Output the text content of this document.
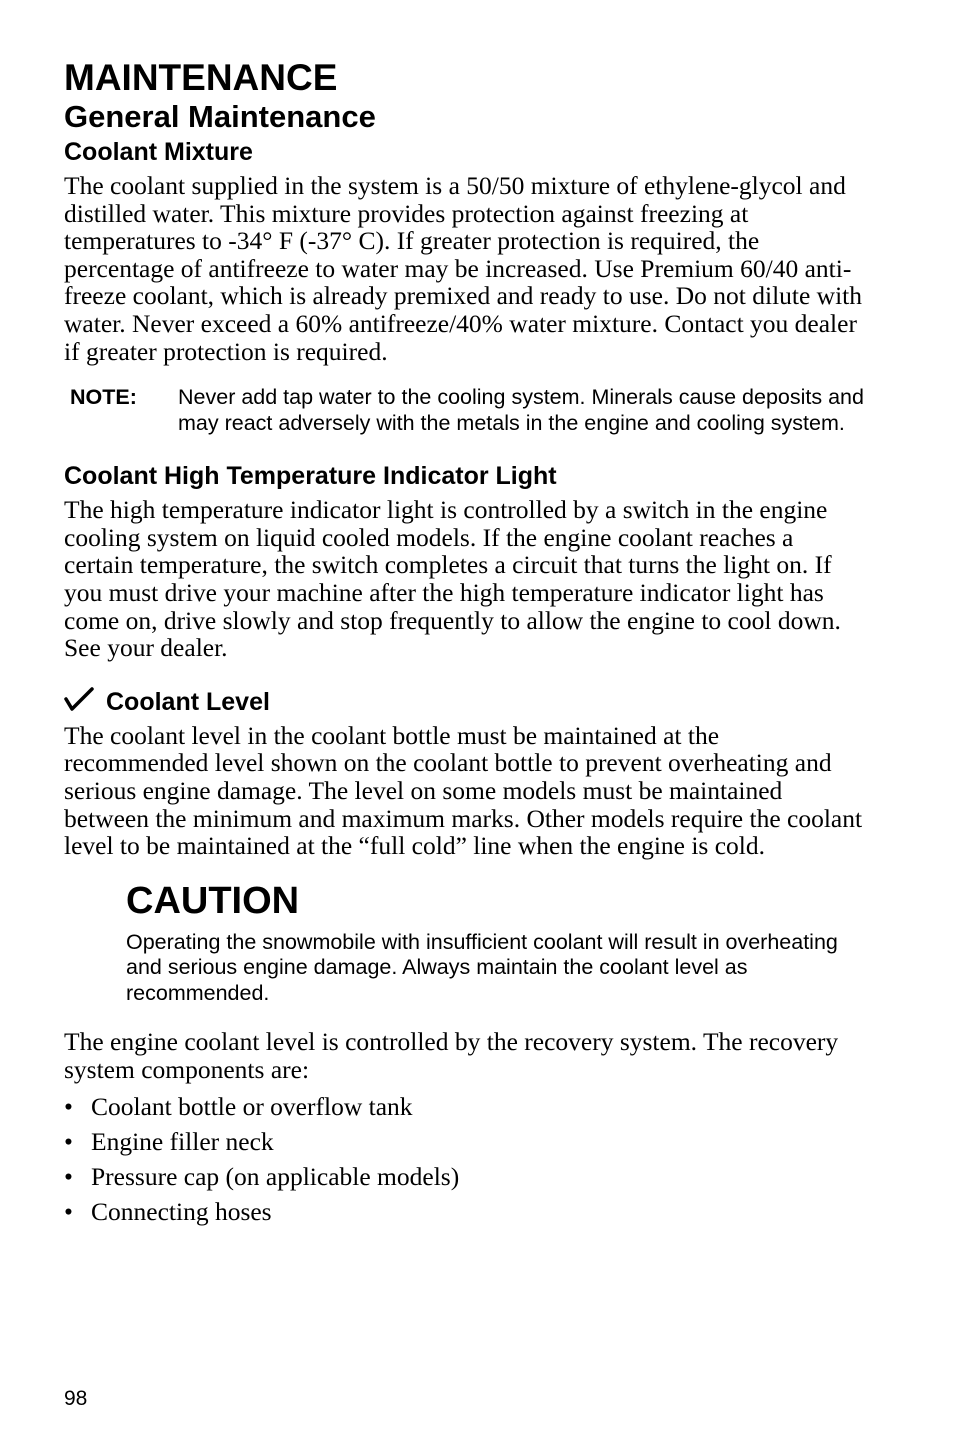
MAINTENANCE
General Maintenance
Coolant Mixture

The coolant supplied in the system is a 50/50 mixture of ethylene-glycol and distilled water. This mixture provides protection against freezing at temperatures to -34° F (-37° C). If greater protection is required, the percentage of antifreeze to water may be increased. Use Premium 60/40 anti-freeze coolant, which is already premixed and ready to use. Do not dilute with water. Never exceed a 60% antifreeze/40% water mixture. Contact you dealer if greater protection is required.

NOTE: Never add tap water to the cooling system. Minerals cause deposits and may react adversely with the metals in the engine and cooling system.
Coolant High Temperature Indicator Light

The high temperature indicator light is controlled by a switch in the engine cooling system on liquid cooled models. If the engine coolant reaches a certain temperature, the switch completes a circuit that turns the light on. If you must drive your machine after the high temperature indicator light has come on, drive slowly and stop frequently to allow the engine to cool down. See your dealer.

Coolant Level

The coolant level in the coolant bottle must be maintained at the recommended level shown on the coolant bottle to prevent overheating and serious engine damage. The level on some models must be maintained between the minimum and maximum marks. Other models require the coolant level to be maintained at the “full cold” line when the engine is cold.

CAUTION

Operating the snowmobile with insufficient coolant will result in overheating and serious engine damage. Always maintain the coolant level as recommended.

The engine coolant level is controlled by the recovery system. The recovery system components are:

• Coolant bottle or overflow tank
• Engine filler neck
• Pressure cap (on applicable models)
• Connecting hoses
98
